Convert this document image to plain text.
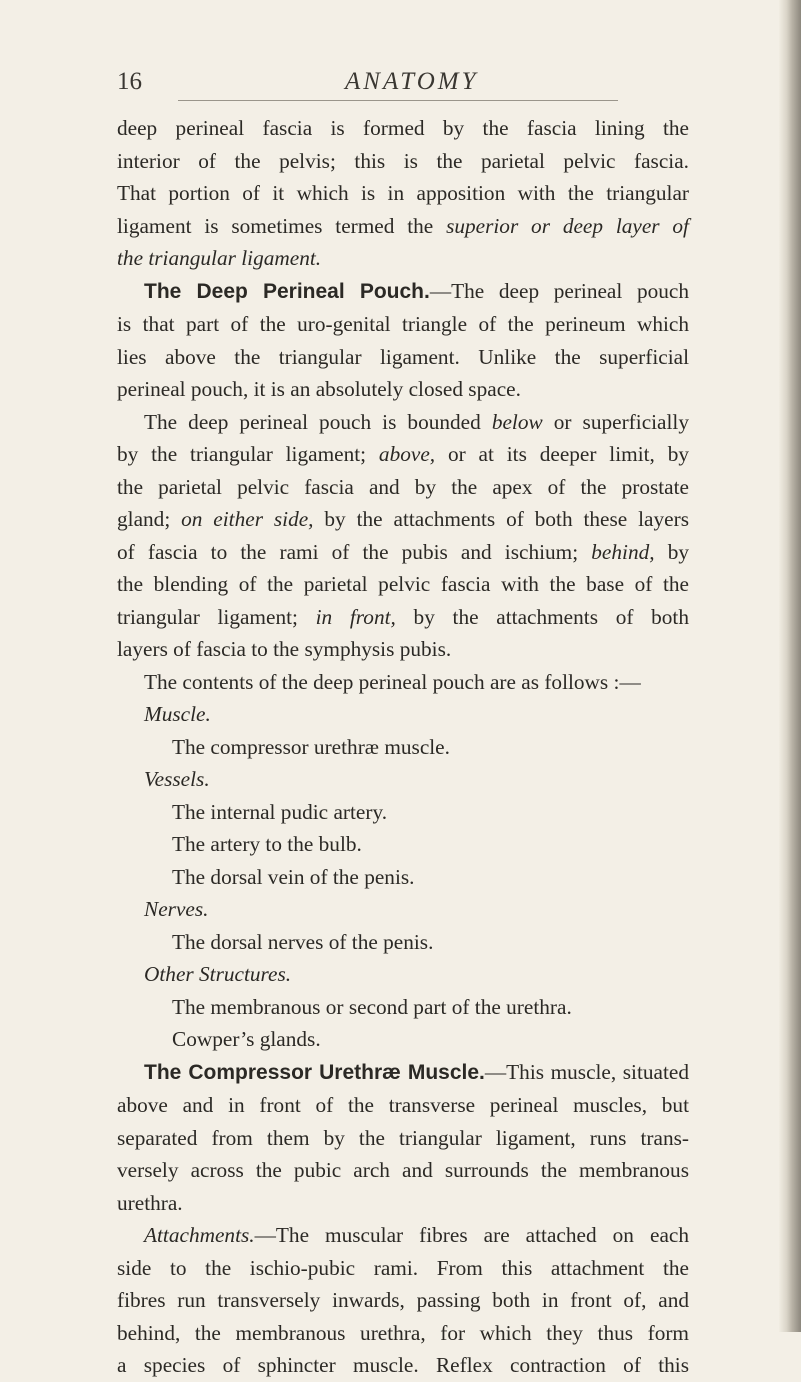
16	ANATOMY

deep perineal fascia is formed by the fascia lining the

interior of the pelvis; this is the parietal pelvic fascia.

That portion of it which is in apposition with the triangular

ligament is sometimes termed the superior or deep layer of

the triangular ligament.

The Deep Perineal Pouch.—The deep perineal pouch

is that part of the uro-genital triangle of the perineum which

lies above the triangular ligament. Unlike the superficial

perineal pouch, it is an absolutely closed space.

The deep perineal pouch is bounded below or superficially

by the triangular ligament; above, or at its deeper limit, by

the parietal pelvic fascia and by the apex of the prostate

gland; on either side, by the attachments of both these layers

of fascia to the rami of the pubis and ischium; behind, by

the blending of the parietal pelvic fascia with the base of the

triangular ligament; in front, by the attachments of both

layers of fascia to the symphysis pubis.

The contents of the deep perineal pouch are as follows :—

Muscle.

The compressor urethræ muscle.

Vessels.

The internal pudic artery.

The artery to the bulb.

The dorsal vein of the penis.

Nerves.

The dorsal nerves of the penis.

Other Structures.

The membranous or second part of the urethra.

Cowper’s glands.

The Compressor Urethræ Muscle.—This muscle, situated

above and in front of the transverse perineal muscles, but

separated from them by the triangular ligament, runs trans-

versely across the pubic arch and surrounds the membranous

urethra.

Attachments.—The muscular fibres are attached on each

side to the ischio-pubic rami. From this attachment the

fibres run transversely inwards, passing both in front of, and

behind, the membranous urethra, for which they thus form

a species of sphincter muscle. Reflex contraction of this
